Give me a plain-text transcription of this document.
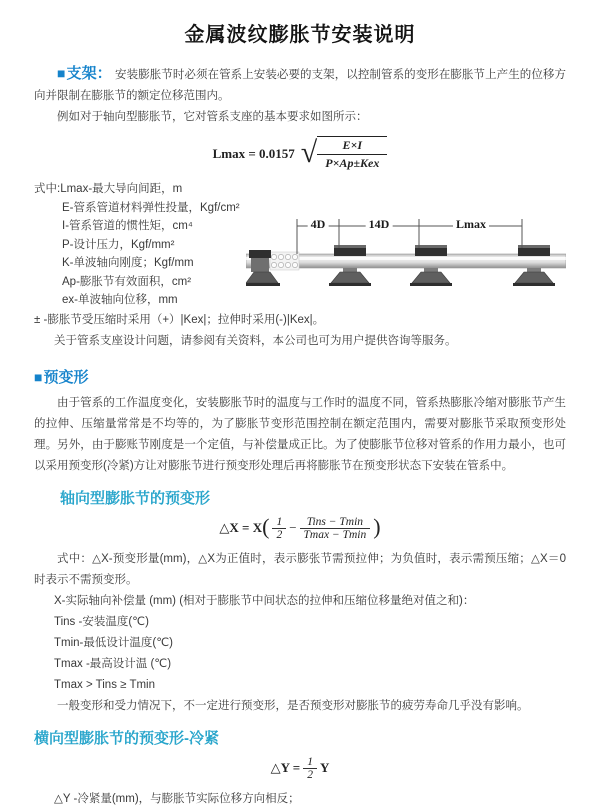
金属波纹膨胀节安装说明

■支架： 安装膨胀节时必须在管系上安装必要的支架，以控制管系的变形在膨胀节上产生的位移方向并限制在膨胀节的额定位移范围内。

例如对于轴向型膨胀节，它对管系支座的基本要求如图所示：

Lmax = 0.0157 √ $\frac{E\times I}{\text{P×Ap±Kex}}$
式中:Lmax-最大导向间距，m
E-管系管道材料弹性投量，Kgf/cm²
I-管系管道的惯性矩，cm⁴
P-设计压力，Kgf/mm²
K-单波轴向刚度；Kgf/mm
Ap-膨胀节有效面积，cm²
ex-单波轴向位移，mm
4D	14D	Lmax

± -膨胀节受压缩时采用（+）|Kex|；拉伸时采用(-)|Kex|。

关于管系支座设计问题，请参阅有关资料，本公司也可为用户提供咨询等服务。

■预变形

由于管系的工作温度变化，安装膨胀节时的温度与工作时的温度不同，管系热膨胀冷缩对膨胀节产生的拉伸、压缩量常常是不均等的，为了膨胀节变形范围控制在额定范围内，需要对膨胀节采取预变形处理。另外，由于膨账节刚度是一个定值，与补偿量成正比。为了使膨胀节位移对管系的作用力最小，也可以采用预变形(冷紧)方让对膨胀节进行预变形处理后再将膨胀节在预变形状态下安装在管系中。

轴向型膨胀节的预变形
△X = X ( $\frac{1}{2} - \frac{\text{Tins − Tmin}}{Tmax - Tmin}$ )

式中：△X-预变形量(mm)，△X为正值时，表示膨张节需预拉伸；为负值时，表示需预压缩；△X＝0时表示不需预变形。

X-实际轴向补偿量 (mm) (相对于膨胀节中间状态的拉伸和压缩位移量绝对值之和)：
Tins -安装温度(℃)
Tmin-最低设计温度(℃)
Tmax -最高设计温 (℃)
Tmax > Tins ≥ Tmin

一般变形和受力情况下，不一定进行预变形，是否预变形对膨胀节的疲劳寿命几乎没有影响。

横向型膨胀节的预变形-冷紧
△Y = $\frac{1}{2}$ Y

△Y -冷紧量(mm)，与膨胀节实际位移方向相反；
